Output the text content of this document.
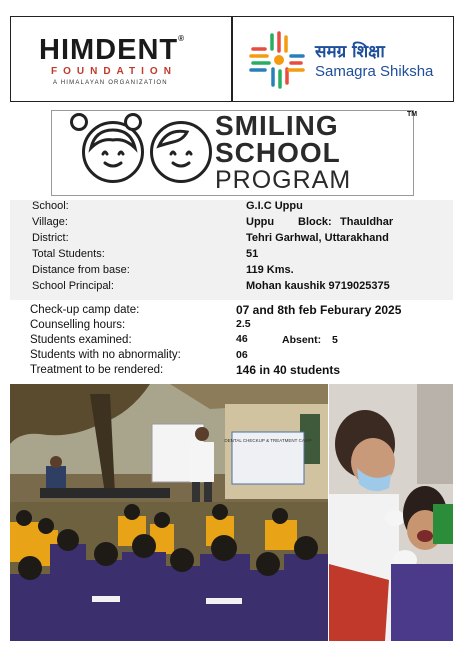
HIMDENT®
FOUNDATION
A HIMALAYAN ORGANIZATION
समग्र शिक्षा
Samagra Shiksha
SMILING	TM
SCHOOL
PROGRAM
School:	G.I.C Uppu
Village:	Uppu Block: Thauldhar
District:	Tehri Garhwal, Uttarakhand
Total Students:	51
Distance from base:	119 Kms.
School Principal:	Mohan kaushik 9719025375
Check-up camp date:	07 and 8th feb Feburary 2025
Counselling hours:	2.5
Students examined:	46	Absent: 5
Students with no abnormality:	06
Treatment to be rendered:	146 in 40 students
DENTAL CHECKUP & TREATMENT CAMP
